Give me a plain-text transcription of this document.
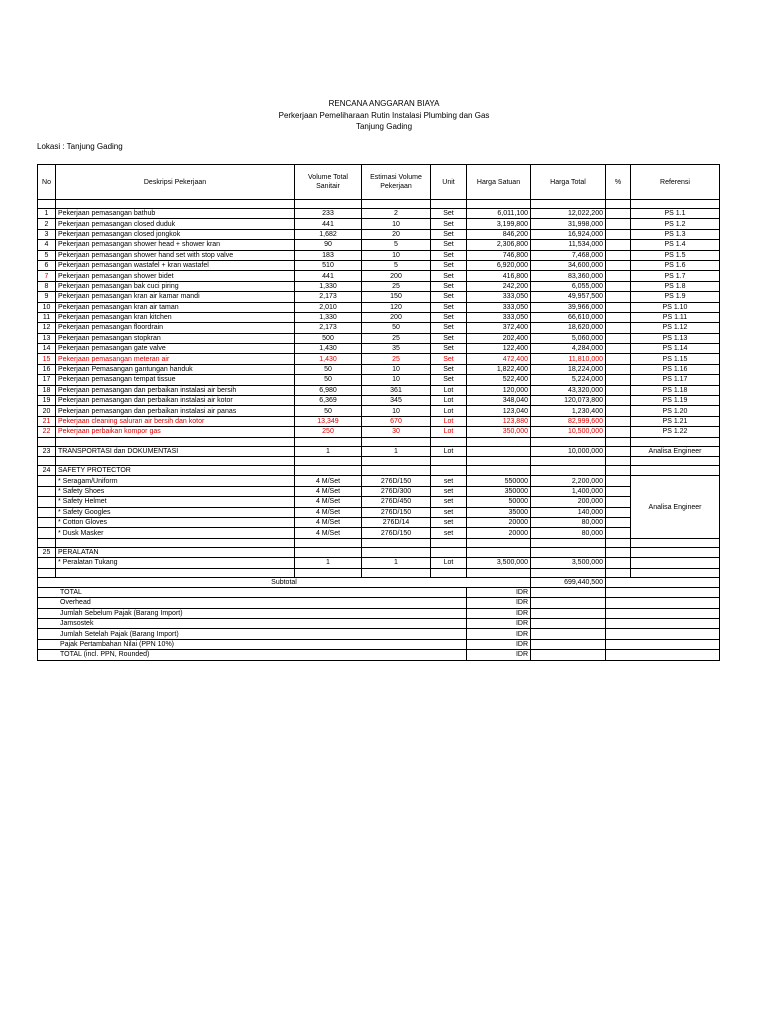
RENCANA ANGGARAN BIAYA
Perkerjaan Pemeliharaan Rutin Instalasi Plumbing dan Gas
Tanjung Gading
Lokasi : Tanjung Gading
No	Deskripsi Pekerjaan	Volume Total Sanitair	Estimasi Volume Pekerjaan	Unit	Harga Satuan	Harga Total	%	Referensi

1	Pekerjaan pemasangan bathub	233	2	Set	6,011,100	12,022,200		PS 1.1
2	Pekerjaan pemasangan closed duduk	441	10	Set	3,199,800	31,998,000		PS 1.2
3	Pekerjaan pemasangan closed jongkok	1,682	20	Set	846,200	16,924,000		PS 1.3
4	Pekerjaan pemasangan shower head + shower kran	90	5	Set	2,306,800	11,534,000		PS 1.4
5	Pekerjaan pemasangan shower hand set with stop valve	183	10	Set	746,800	7,468,000		PS 1.5
6	Pekerjaan pemasangan wastafel + kran wastafel	510	5	Set	6,920,000	34,600,000		PS 1.6
7	Pekerjaan pemasangan shower bidet	441	200	Set	416,800	83,360,000		PS 1.7
8	Pekerjaan pemasangan bak cuci piring	1,330	25	Set	242,200	6,055,000		PS 1.8
9	Pekerjaan pemasangan kran air kamar mandi	2,173	150	Set	333,050	49,957,500		PS 1.9
10	Pekerjaan pemasangan kran air taman	2,010	120	Set	333,050	39,966,000		PS 1.10
11	Pekerjaan pemasangan kran kitchen	1,330	200	Set	333,050	66,610,000		PS 1.11
12	Pekerjaan pemasangan floordrain	2,173	50	Set	372,400	18,620,000		PS 1.12
13	Pekerjaan pemasangan stopkran	500	25	Set	202,400	5,060,000		PS 1.13
14	Pekerjaan pemasangan gate valve	1,430	35	Set	122,400	4,284,000		PS 1.14
15	Pekerjaan pemasangan meteran air	1,430	25	Set	472,400	11,810,000		PS 1.15
16	Pekerjaan Pemasangan gantungan handuk	50	10	Set	1,822,400	18,224,000		PS 1.16
17	Pekerjaan pemasangan tempat tissue	50	10	Set	522,400	5,224,000		PS 1.17
18	Pekerjaan pemasangan dan perbaikan instalasi air bersih	6,980	361	Lot	120,000	43,320,000		PS 1.18
19	Pekerjaan pemasangan dan perbaikan instalasi air kotor	6,369	345	Lot	348,040	120,073,800		PS 1.19
20	Pekerjaan pemasangan dan perbaikan instalasi air panas	50	10	Lot	123,040	1,230,400		PS 1.20
21	Pekerjaan cleaning saluran air bersih dan kotor	13,349	670	Lot	123,880	82,999,600		PS 1.21
22	Pekerjaan perbaikan kompor gas	250	30	Lot	350,000	10,500,000		PS 1.22

23	TRANSPORTASI dan DOKUMENTASI	1	1	Lot		10,000,000		Analisa Engineer

24	SAFETY PROTECTOR							
	* Seragam/Uniform	4 M/Set	276D/150	set	550000	2,200,000		Analisa Engineer
	* Safety Shoes	4 M/Set	276D/300	set	350000	1,400,000		
	* Safety Helmet	4 M/Set	276D/450	set	50000	200,000		
	* Safety Googles	4 M/Set	276D/150	set	35000	140,000		
	* Cotton Gloves	4 M/Set	276D/14	set	20000	80,000		
	* Dusk Masker	4 M/Set	276D/150	set	20000	80,000		

25	PERALATAN							
	* Peralatan Tukang	1	1	Lot	3,500,000	3,500,000		

Subtotal						699,440,500		
TOTAL					IDR			
Overhead					IDR			
Jumlah Sebelum Pajak (Barang Import)					IDR			
Jamsostek					IDR			
Jumlah Setelah Pajak (Barang Import)					IDR			
Pajak Pertambahan Nilai (PPN 10%)					IDR			
TOTAL (incl. PPN, Rounded)					IDR			
